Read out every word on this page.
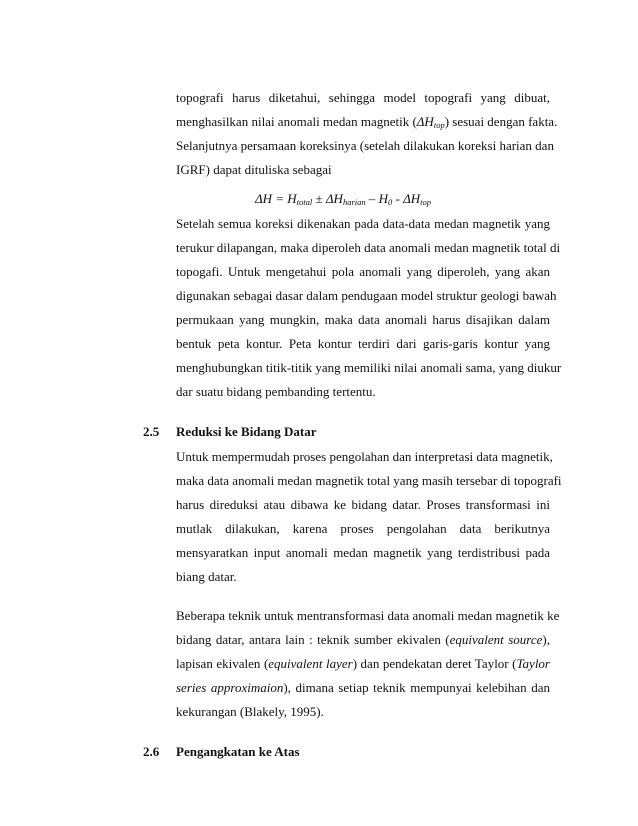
topografi harus diketahui, sehingga model topografi yang dibuat,
menghasilkan nilai anomali medan magnetik $(\Delta H_{top})$ sesuai dengan fakta.
Selanjutnya persamaan koreksinya (setelah dilakukan koreksi harian dan
IGRF) dapat dituliska sebagai
$\Delta H = H_{total} \pm \Delta H_{harian} - H_0 - \Delta H_{top}$
Setelah semua koreksi dikenakan pada data-data medan magnetik yang
terukur dilapangan, maka diperoleh data anomali medan magnetik total di
topogafi. Untuk mengetahui pola anomali yang diperoleh, yang akan
digunakan sebagai dasar dalam pendugaan model struktur geologi bawah
permukaan yang mungkin, maka data anomali harus disajikan dalam
bentuk peta kontur. Peta kontur terdiri dari garis-garis kontur yang
menghubungkan titik-titik yang memiliki nilai anomali sama, yang diukur
dar suatu bidang pembanding tertentu.
2.5 Reduksi ke Bidang Datar
Untuk mempermudah proses pengolahan dan interpretasi data magnetik,
maka data anomali medan magnetik total yang masih tersebar di topografi
harus direduksi atau dibawa ke bidang datar. Proses transformasi ini
mutlak dilakukan, karena proses pengolahan data berikutnya
mensyaratkan input anomali medan magnetik yang terdistribusi pada
biang datar.
Beberapa teknik untuk mentransformasi data anomali medan magnetik ke
bidang datar, antara lain : teknik sumber ekivalen (equivalent source),
lapisan ekivalen (equivalent layer) dan pendekatan deret Taylor (Taylor
series approximaion), dimana setiap teknik mempunyai kelebihan dan
kekurangan (Blakely, 1995).
2.6 Pengangkatan ke Atas
